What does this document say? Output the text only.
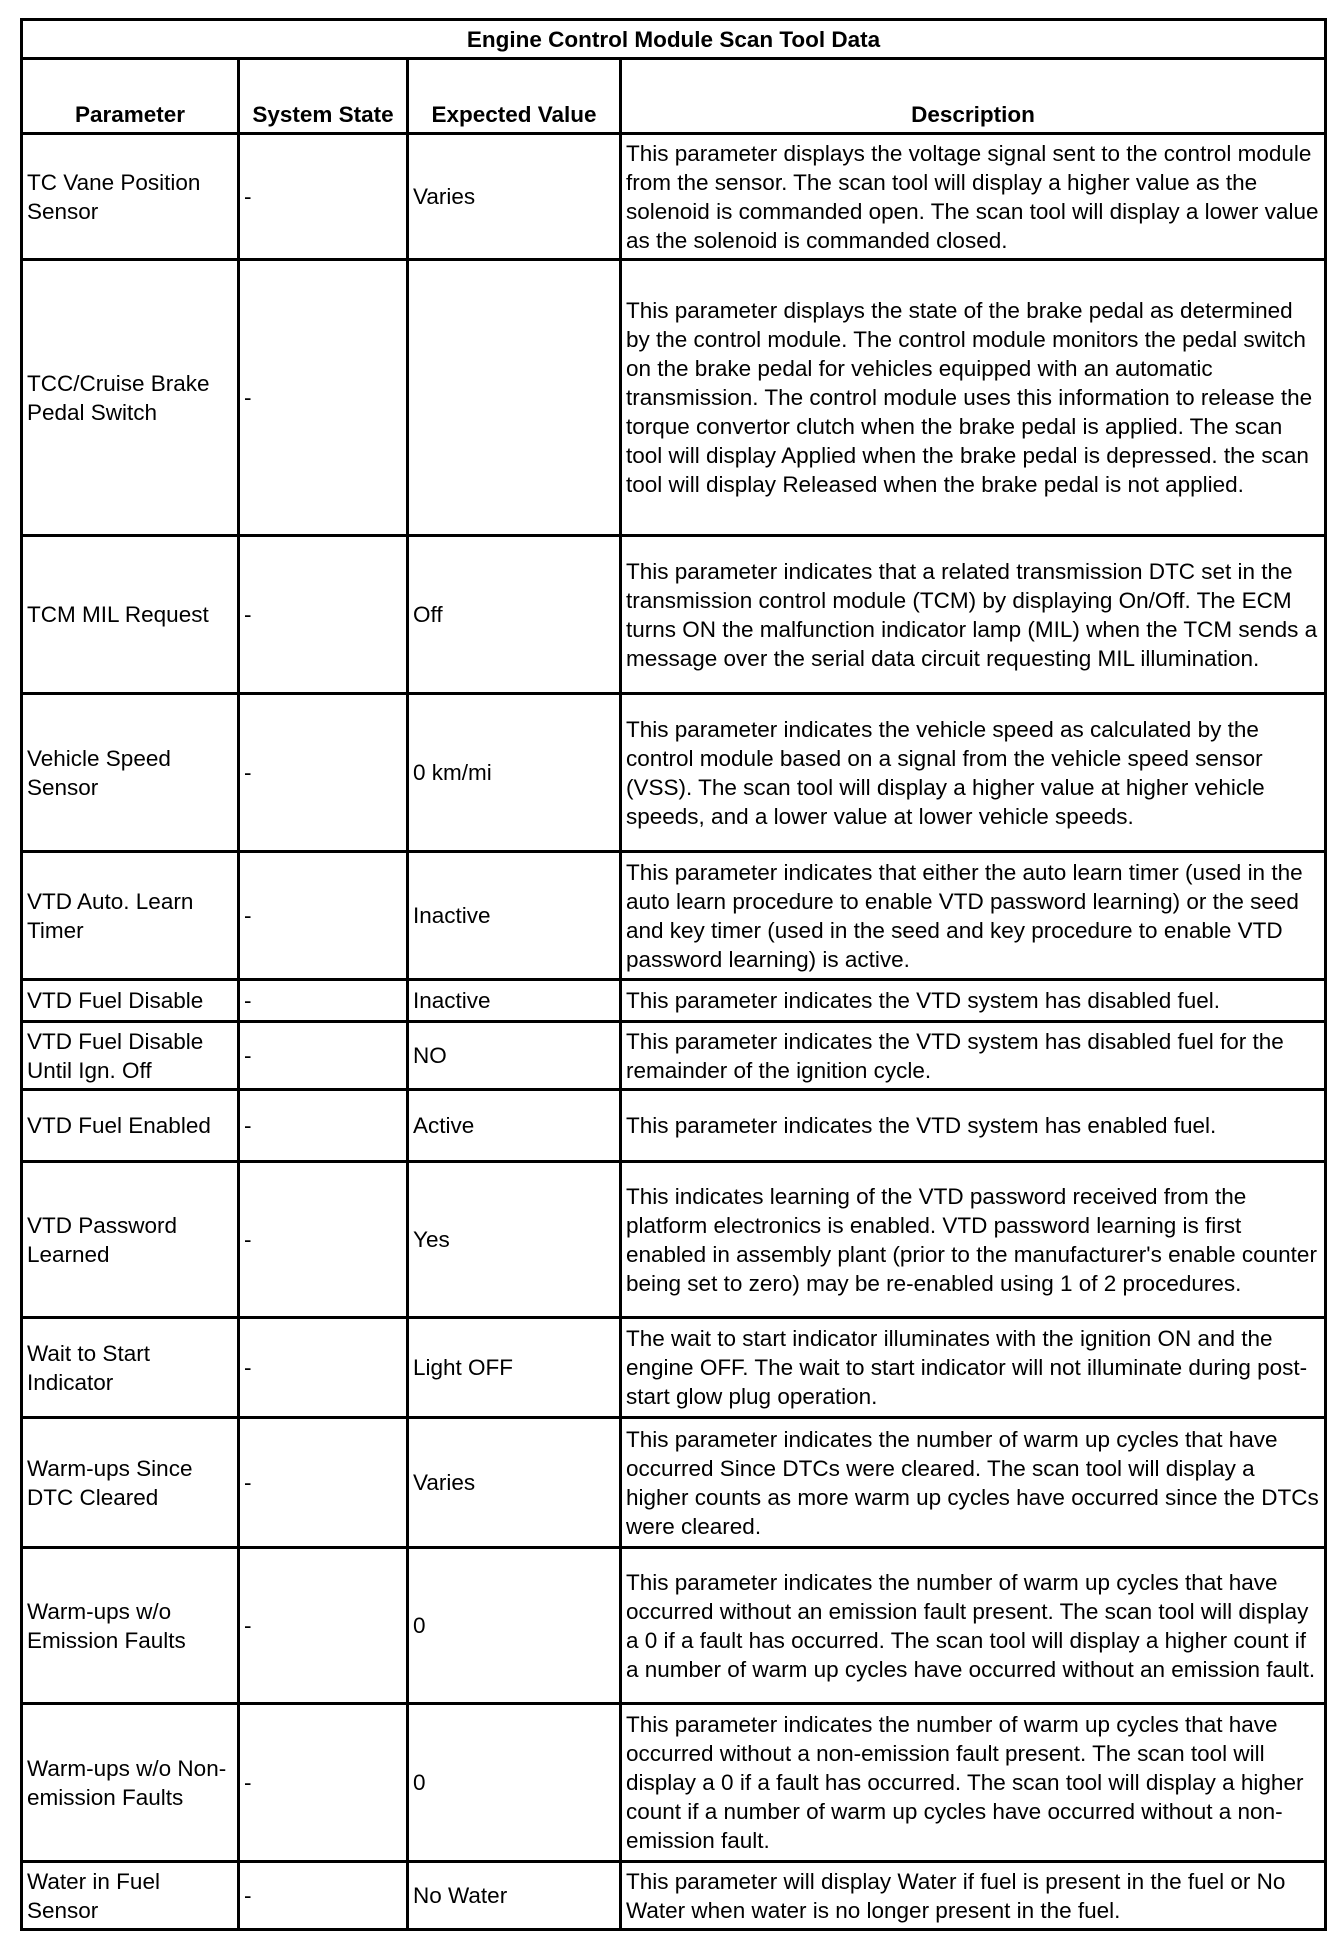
Engine Control Module Scan Tool Data			
Parameter	System State	Expected Value	Description
TC Vane Position Sensor	-	Varies	This parameter displays the voltage signal sent to the control module from the sensor. The scan tool will display a higher value as the solenoid is commanded open. The scan tool will display a lower value as the solenoid is commanded closed.
TCC/Cruise Brake Pedal Switch	-		This parameter displays the state of the brake pedal as determined by the control module. The control module monitors the pedal switch on the brake pedal for vehicles equipped with an automatic transmission. The control module uses this information to release the torque convertor clutch when the brake pedal is applied. The scan tool will display Applied when the brake pedal is depressed. the scan tool will display Released when the brake pedal is not applied.
TCM MIL Request	-	Off	This parameter indicates that a related transmission DTC set in the transmission control module (TCM) by displaying On/Off. The ECM turns ON the malfunction indicator lamp (MIL) when the TCM sends a message over the serial data circuit requesting MIL illumination.
Vehicle Speed Sensor	-	0 km/mi	This parameter indicates the vehicle speed as calculated by the control module based on a signal from the vehicle speed sensor (VSS). The scan tool will display a higher value at higher vehicle speeds, and a lower value at lower vehicle speeds.
VTD Auto. Learn Timer	-	Inactive	This parameter indicates that either the auto learn timer (used in the auto learn procedure to enable VTD password learning) or the seed and key timer (used in the seed and key procedure to enable VTD password learning) is active.
VTD Fuel Disable	-	Inactive	This parameter indicates the VTD system has disabled fuel.
VTD Fuel Disable Until Ign. Off	-	NO	This parameter indicates the VTD system has disabled fuel for the remainder of the ignition cycle.
VTD Fuel Enabled	-	Active	This parameter indicates the VTD system has enabled fuel.
VTD Password Learned	-	Yes	This indicates learning of the VTD password received from the platform electronics is enabled. VTD password learning is first enabled in assembly plant (prior to the manufacturer's enable counter being set to zero) may be re-enabled using 1 of 2 procedures.
Wait to Start Indicator	-	Light OFF	The wait to start indicator illuminates with the ignition ON and the engine OFF. The wait to start indicator will not illuminate during post-start glow plug operation.
Warm-ups Since DTC Cleared	-	Varies	This parameter indicates the number of warm up cycles that have occurred Since DTCs were cleared. The scan tool will display a higher counts as more warm up cycles have occurred since the DTCs were cleared.
Warm-ups w/o Emission Faults	-	0	This parameter indicates the number of warm up cycles that have occurred without an emission fault present. The scan tool will display a 0 if a fault has occurred. The scan tool will display a higher count if a number of warm up cycles have occurred without an emission fault.
Warm-ups w/o Non-emission Faults	-	0	This parameter indicates the number of warm up cycles that have occurred without a non-emission fault present. The scan tool will display a 0 if a fault has occurred. The scan tool will display a higher count if a number of warm up cycles have occurred without a non-emission fault.
Water in Fuel Sensor	-	No Water	This parameter will display Water if fuel is present in the fuel or No Water when water is no longer present in the fuel.
